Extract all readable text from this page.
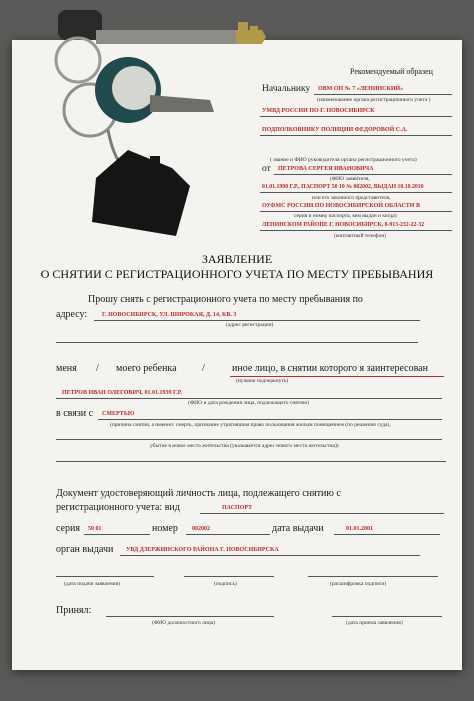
Рекомендуемый образец
Начальнику ОВМ ОП № 7 «ЛЕНИНСКИЙ»
(наименование органа регистрационного учета )
УМВД РОССИИ ПО Г. НОВОСИБИРСК
ПОДПОЛКОВНИКУ ПОЛИЦИИ ФЕДОРОВОЙ С.А.
( звание и ФИО руководителя органа регистрационного учета)
от ПЕТРОВА СЕРГЕЯ ИВАНОВИЧА
(ФИО заявителя,
01.01.1990 Г.Р., ПАСПОРТ 50 10 № 002002, ВЫДАН 10.10.2010
или его законного представителя,
ОУФМС РОССИИ ПО НОВОСИБИРСКОЙ ОБЛАСТИ В
серия и номер паспорта, кем выдан и когда)
ЛЕНИНСКОМ РАЙОНЕ Г. НОВОСИБИРСК, 8-913-232-22-32
(контактный телефон)
ЗАЯВЛЕНИЕ
О СНЯТИИ С РЕГИСТРАЦИОННОГО УЧЕТА ПО МЕСТУ ПРЕБЫВАНИЯ
Прошу снять с регистрационного учета по месту пребывания по
адресу: Г. НОВОСИБИРСК, УЛ. ШИРОКАЯ, Д. 14, КВ. 3
(адрес регистрации)
меня / моего ребенка	/	иное лицо, в снятии которого я заинтересован
(нужное подчеркнуть)
ПЕТРОВ ИВАН ОЛЕГОВИЧ, 01.01.1939 Г.Р.
(ФИО и дата рождения лица, подлежащего снятию)
в связи с СМЕРТЬЮ
(причина снятия, а именно: смерть, признание утратившим право пользования жилым помещением (по решению суда),
убытие в новое место жительства (указывается адрес нового места жительства))
Документ удостоверяющий личность лица, подлежащего снятию с
регистрационного учета: вид	ПАСПОРТ
серия 50 01	номер 002002	дата выдачи	01.01.2001
орган выдачи УВД ДЗЕРЖИНСКОГО РАЙОНА Г. НОВОСИБИРСКА
(дата подачи заявления)	(подпись)	(расшифровка подписи)
Принял:
(ФИО должностного лица)	(дата приема заявления)
